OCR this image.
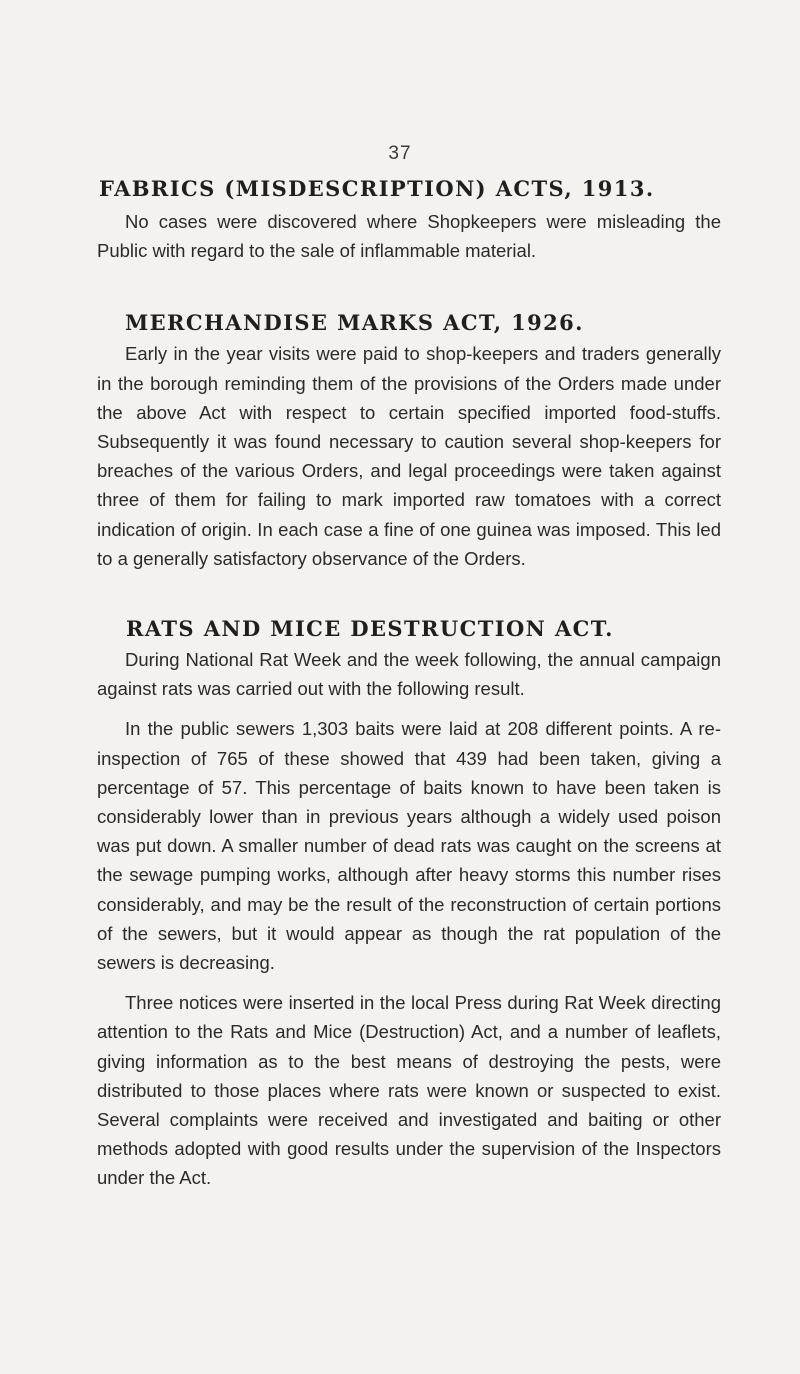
37
FABRICS (MISDESCRIPTION) ACTS, 1913.

No cases were discovered where Shopkeepers were misleading the Public with regard to the sale of inflammable material.

MERCHANDISE MARKS ACT, 1926.

Early in the year visits were paid to shop-keepers and traders generally in the borough reminding them of the provisions of the Orders made under the above Act with respect to certain specified imported food-stuffs. Subsequently it was found necessary to caution several shop-keepers for breaches of the various Orders, and legal proceedings were taken against three of them for failing to mark imported raw tomatoes with a correct indication of origin. In each case a fine of one guinea was imposed. This led to a generally satisfactory observance of the Orders.

RATS AND MICE DESTRUCTION ACT.

During National Rat Week and the week following, the annual campaign against rats was carried out with the following result.

In the public sewers 1,303 baits were laid at 208 different points. A re-inspection of 765 of these showed that 439 had been taken, giving a percentage of 57. This percentage of baits known to have been taken is considerably lower than in previous years although a widely used poison was put down. A smaller number of dead rats was caught on the screens at the sewage pumping works, although after heavy storms this number rises considerably, and may be the result of the reconstruction of certain portions of the sewers, but it would appear as though the rat population of the sewers is decreasing.

Three notices were inserted in the local Press during Rat Week directing attention to the Rats and Mice (Destruction) Act, and a number of leaflets, giving information as to the best means of destroying the pests, were distributed to those places where rats were known or suspected to exist. Several complaints were received and investigated and baiting or other methods adopted with good results under the supervision of the Inspectors under the Act.
